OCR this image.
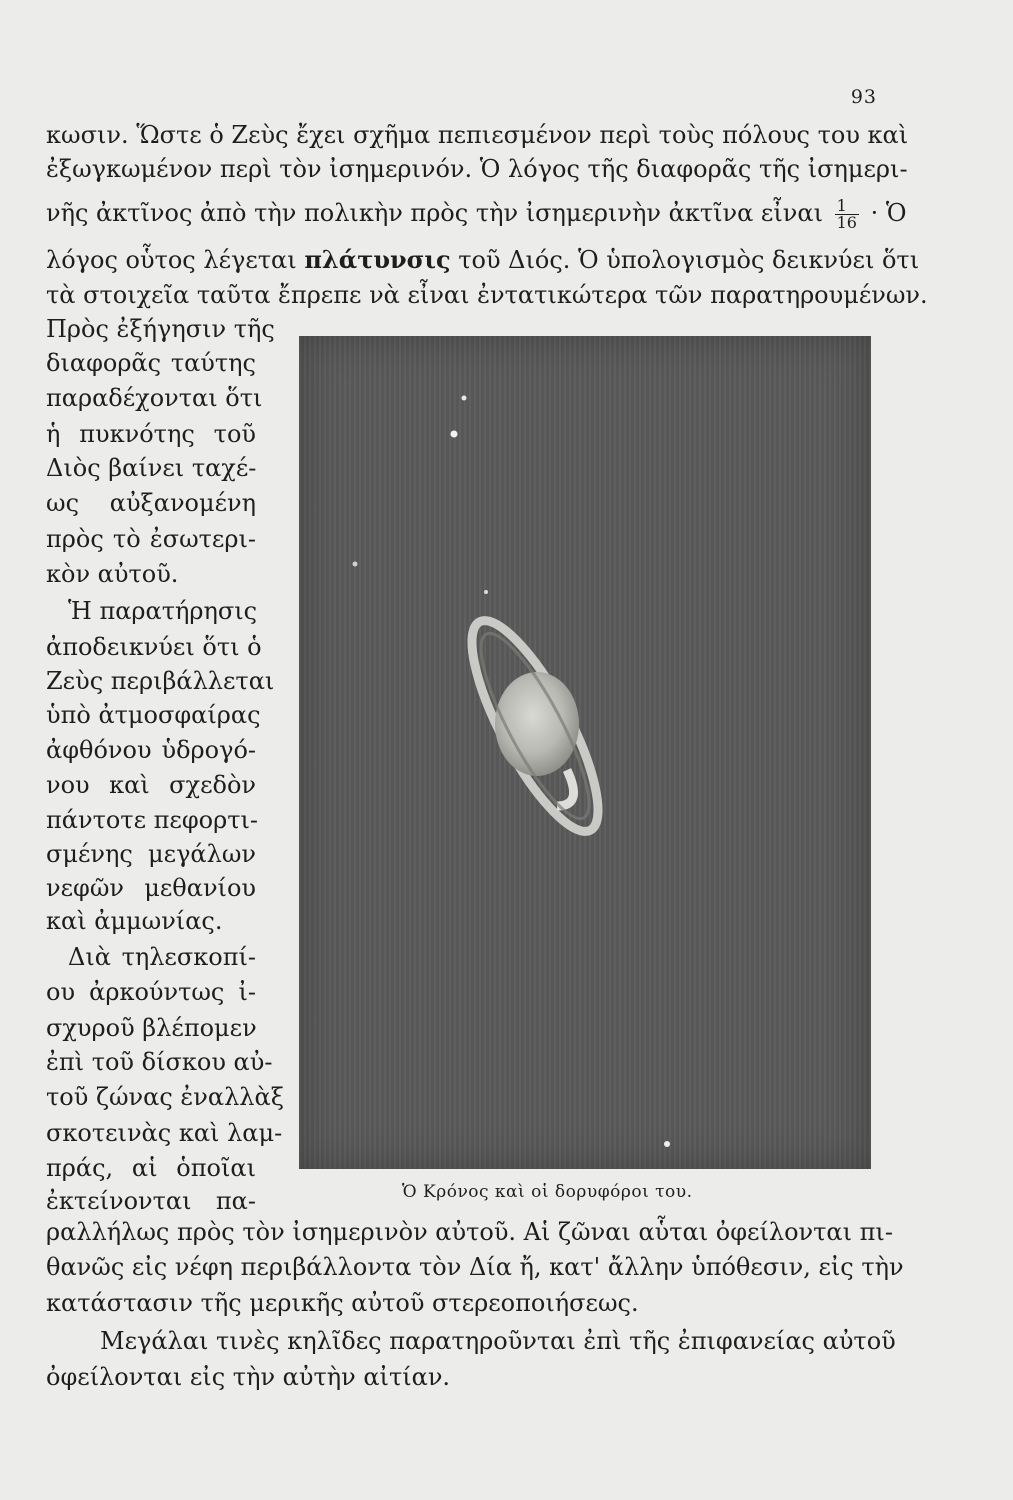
93
κωσιν. Ὥστε ὁ Ζεὺς ἔχει σχῆμα πεπιεσμένον περὶ τοὺς πόλους του καὶ
ἐξωγκωμένον περὶ τὸν ἰσημερινόν. Ὁ λόγος τῆς διαφορᾶς τῆς ἰσημερι-
νῆς ἀκτῖνος ἀπὸ τὴν πολικὴν πρὸς τὴν ἰσημερινὴν ἀκτῖνα εἶναι $\frac{1}{16}$ · Ὁ
λόγος οὗτος λέγεται πλάτυνσις τοῦ Διός. Ὁ ὑπολογισμὸς δεικνύει ὅτι
τὰ στοιχεῖα ταῦτα ἔπρεπε νὰ εἶναι ἐντατικώτερα τῶν παρατηρουμένων.
Πρὸς ἐξήγησιν τῆς
διαφορᾶς ταύτης
παραδέχονται ὅτι
ἡ πυκνότης τοῦ
Διὸς βαίνει ταχέ-
ως αὐξανομένη
πρὸς τὸ ἐσωτερι-
κὸν αὐτοῦ.
Ἡ παρατήρησις
ἀποδεικνύει ὅτι ὁ
Ζεὺς περιβάλλεται
ὑπὸ ἀτμοσφαίρας
ἀφθόνου ὑδρογό-
νου καὶ σχεδὸν
πάντοτε πεφορτι-
σμένης μεγάλων
νεφῶν μεθανίου
καὶ ἀμμωνίας.
Διὰ τηλεσκοπί-
ου ἀρκούντως ἰ-
σχυροῦ βλέπομεν
ἐπὶ τοῦ δίσκου αὐ-
τοῦ ζώνας ἐναλλὰξ
σκοτεινὰς καὶ λαμ-
πράς, αἱ ὁποῖαι
ἐκτείνονται πα-	Ὁ Κρόνος καὶ οἱ δορυφόροι του.
ραλλήλως πρὸς τὸν ἰσημερινὸν αὐτοῦ. Αἱ ζῶναι αὗται ὀφείλονται πι-
θανῶς εἰς νέφη περιβάλλοντα τὸν Δία ἤ, κατ' ἄλλην ὑπόθεσιν, εἰς τὴν
κατάστασιν τῆς μερικῆς αὐτοῦ στερεοποιήσεως.
Μεγάλαι τινὲς κηλῖδες παρατηροῦνται ἐπὶ τῆς ἐπιφανείας αὐτοῦ
ὀφείλονται εἰς τὴν αὐτὴν αἰτίαν.
